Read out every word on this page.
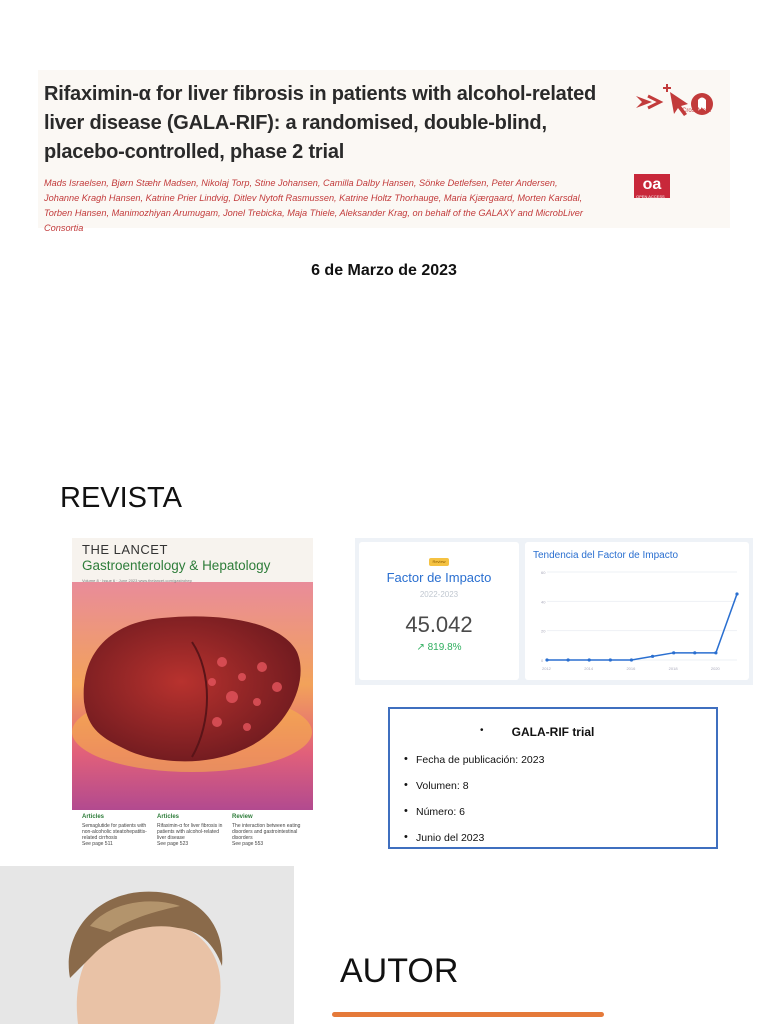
Rifaximin-α for liver fibrosis in patients with alcohol-related
liver disease (GALA-RIF): a randomised, double-blind,
placebo-controlled, phase 2 trial
Mads Israelsen, Bjørn Stæhr Madsen, Nikolaj Torp, Stine Johansen, Camilla Dalby Hansen, Sönke Detlefsen, Peter Andersen,
Johanne Kragh Hansen, Katrine Prier Lindvig, Ditlev Nytoft Rasmussen, Katrine Holtz Thorhauge, Maria Kjærgaard, Morten Karsdal,
Torben Hansen, Manimozhiyan Arumugam, Jonel Trebicka, Maja Thiele, Aleksander Krag, on behalf of the GALAXY and MicrobLiver Consortia
CrossMark
oa
OPEN ACCESS
6 de Marzo de 2023
REVISTA
THE LANCET
Gastroenterology & Hepatology
Volume 8 · Issue 6 · June 2023 www.thelancet.com/gastrohep
Articles
Semaglutide for patients with non-alcoholic steatohepatitis-related cirrhosis
See page 511
Articles
Rifaximin-α for liver fibrosis in patients with alcohol-related liver disease
See page 523
Review
The interaction between eating disorders and gastrointestinal disorders
See page 553
Review
Factor de Impacto
2022-2023
45.042
↗ 819.8%
Tendencia del Factor de Impacto
60
40
20
0
2012	2014	2016	2018	2020
•	GALA-RIF trial
• Fecha de publicación: 2023
• Volumen: 8
• Número: 6
• Junio del 2023
AUTOR
